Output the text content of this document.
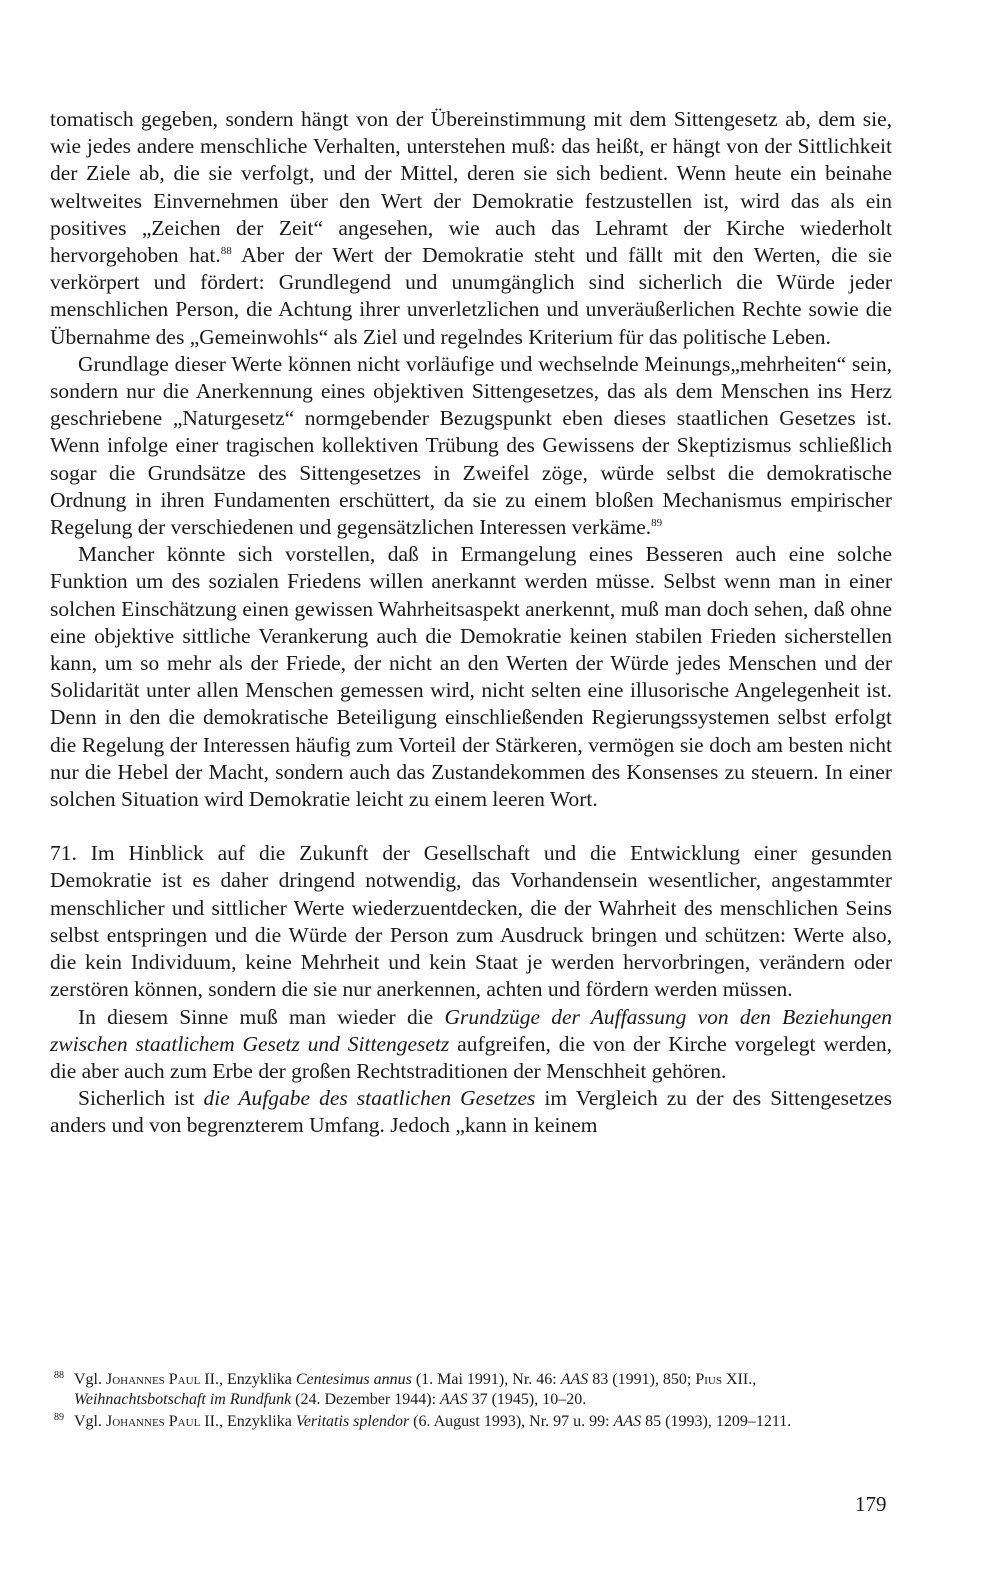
tomatisch gegeben, sondern hängt von der Übereinstimmung mit dem Sittengesetz ab, dem sie, wie jedes andere menschliche Verhalten, unterstehen muß: das heißt, er hängt von der Sittlichkeit der Ziele ab, die sie verfolgt, und der Mittel, deren sie sich bedient. Wenn heute ein beinahe weltweites Einvernehmen über den Wert der Demokratie festzustellen ist, wird das als ein positives „Zeichen der Zeit“ angesehen, wie auch das Lehramt der Kirche wiederholt hervorgehoben hat.$^{88}$ Aber der Wert der Demokratie steht und fällt mit den Werten, die sie verkörpert und fördert: Grundlegend und unumgänglich sind sicherlich die Würde jeder menschlichen Person, die Achtung ihrer unverletzlichen und unveräußerlichen Rechte sowie die Übernahme des „Gemeinwohls“ als Ziel und regelndes Kriterium für das politische Leben.

Grundlage dieser Werte können nicht vorläufige und wechselnde Meinungs„mehrheiten“ sein, sondern nur die Anerkennung eines objektiven Sittengesetzes, das als dem Menschen ins Herz geschriebene „Naturgesetz“ normgebender Bezugspunkt eben dieses staatlichen Gesetzes ist. Wenn infolge einer tragischen kollektiven Trübung des Gewissens der Skeptizismus schließlich sogar die Grundsätze des Sittengesetzes in Zweifel zöge, würde selbst die demokratische Ordnung in ihren Fundamenten erschüttert, da sie zu einem bloßen Mechanismus empirischer Regelung der verschiedenen und gegensätzlichen Interessen verkäme.$^{89}$

Mancher könnte sich vorstellen, daß in Ermangelung eines Besseren auch eine solche Funktion um des sozialen Friedens willen anerkannt werden müsse. Selbst wenn man in einer solchen Einschätzung einen gewissen Wahrheitsaspekt anerkennt, muß man doch sehen, daß ohne eine objektive sittliche Verankerung auch die Demokratie keinen stabilen Frieden sicherstellen kann, um so mehr als der Friede, der nicht an den Werten der Würde jedes Menschen und der Solidarität unter allen Menschen gemessen wird, nicht selten eine illusorische Angelegenheit ist. Denn in den die demokratische Beteiligung einschließenden Regierungssystemen selbst erfolgt die Regelung der Interessen häufig zum Vorteil der Stärkeren, vermögen sie doch am besten nicht nur die Hebel der Macht, sondern auch das Zustandekommen des Konsenses zu steuern. In einer solchen Situation wird Demokratie leicht zu einem leeren Wort.

71. Im Hinblick auf die Zukunft der Gesellschaft und die Entwicklung einer gesunden Demokratie ist es daher dringend notwendig, das Vorhandensein wesentlicher, angestammter menschlicher und sittlicher Werte wiederzuentdecken, die der Wahrheit des menschlichen Seins selbst entspringen und die Würde der Person zum Ausdruck bringen und schützen: Werte also, die kein Individuum, keine Mehrheit und kein Staat je werden hervorbringen, verändern oder zerstören können, sondern die sie nur anerkennen, achten und fördern werden müssen.

In diesem Sinne muß man wieder die Grundzüge der Auffassung von den Beziehungen zwischen staatlichem Gesetz und Sittengesetz aufgreifen, die von der Kirche vorgelegt werden, die aber auch zum Erbe der großen Rechtstraditionen der Menschheit gehören.

Sicherlich ist die Aufgabe des staatlichen Gesetzes im Vergleich zu der des Sittengesetzes anders und von begrenzterem Umfang. Jedoch „kann in keinem

88 Vgl. Johannes Paul II., Enzyklika Centesimus annus (1. Mai 1991), Nr. 46: AAS 83 (1991), 850; Pius XII., Weihnachtsbotschaft im Rundfunk (24. Dezember 1944): AAS 37 (1945), 10–20.
89 Vgl. Johannes Paul II., Enzyklika Veritatis splendor (6. August 1993), Nr. 97 u. 99: AAS 85 (1993), 1209–1211.
179
